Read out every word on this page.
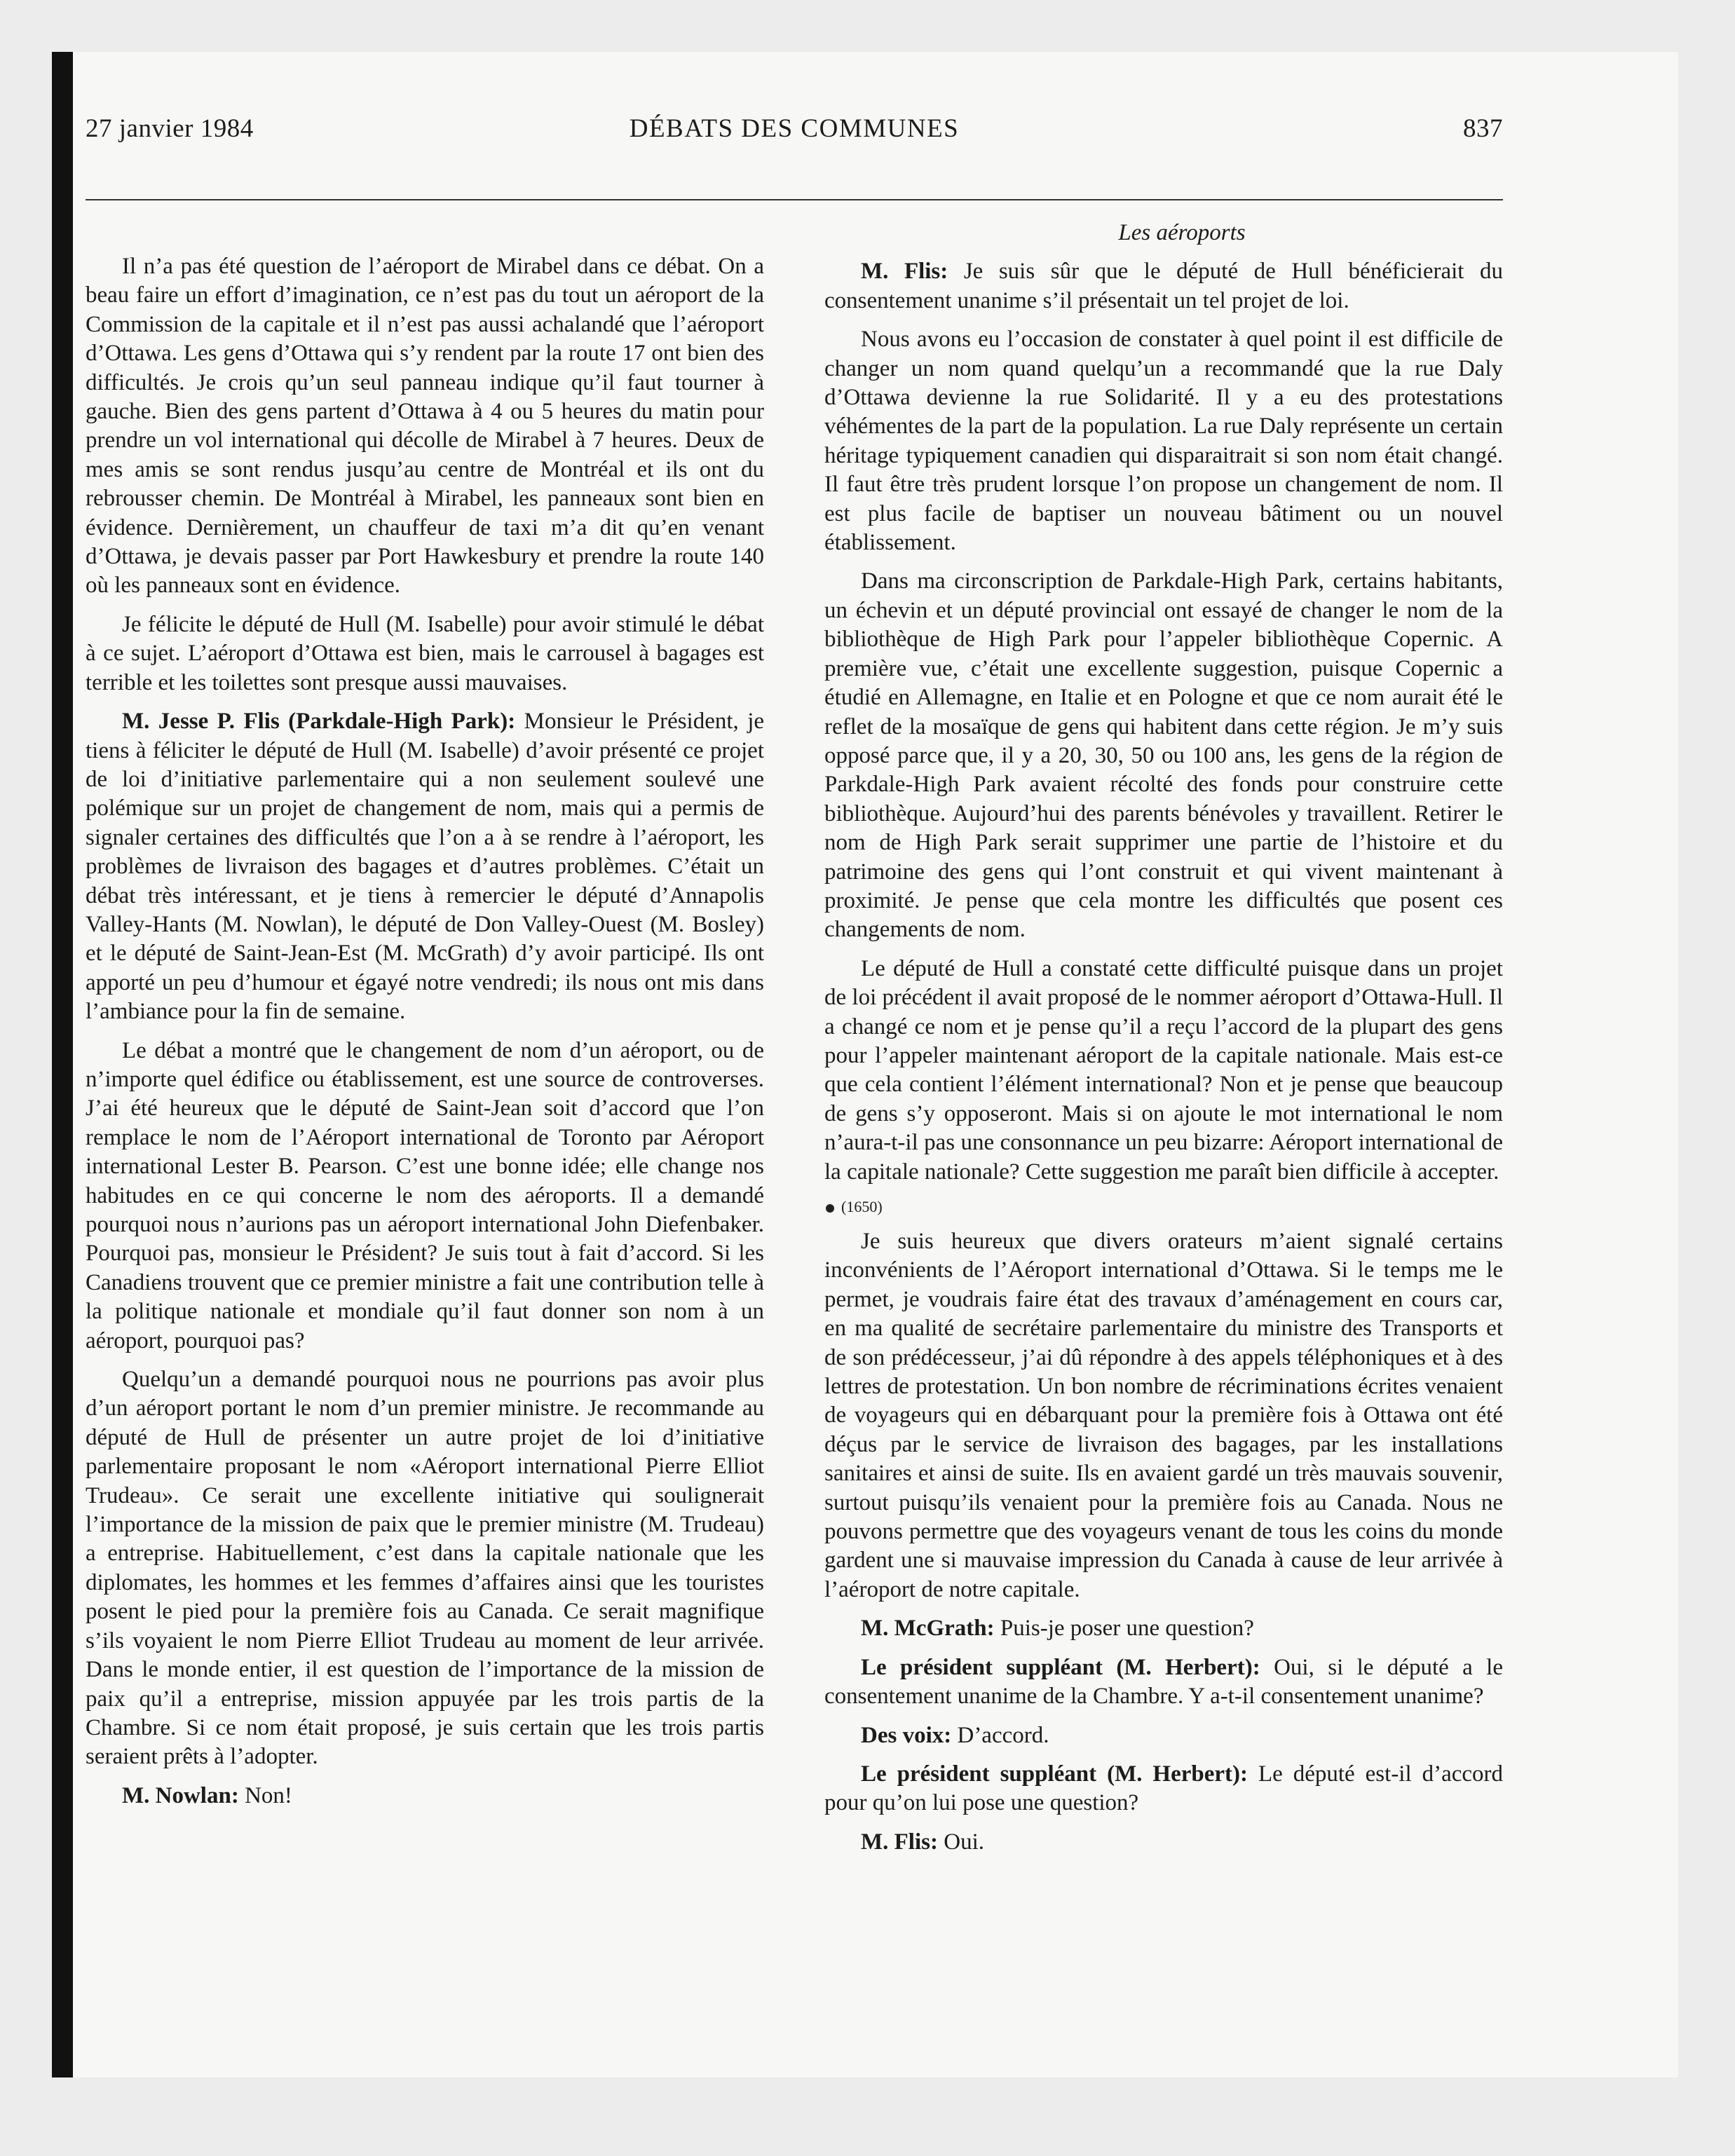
27 janvier 1984	DÉBATS DES COMMUNES	837

Il n’a pas été question de l’aéroport de Mirabel dans ce débat. On a beau faire un effort d’imagination, ce n’est pas du tout un aéroport de la Commission de la capitale et il n’est pas aussi achalandé que l’aéroport d’Ottawa. Les gens d’Ottawa qui s’y rendent par la route 17 ont bien des difficultés. Je crois qu’un seul panneau indique qu’il faut tourner à gauche. Bien des gens partent d’Ottawa à 4 ou 5 heures du matin pour prendre un vol international qui décolle de Mirabel à 7 heures. Deux de mes amis se sont rendus jusqu’au centre de Montréal et ils ont du rebrousser chemin. De Montréal à Mirabel, les panneaux sont bien en évidence. Dernièrement, un chauffeur de taxi m’a dit qu’en venant d’Ottawa, je devais passer par Port Hawkesbury et prendre la route 140 où les panneaux sont en évidence.

Je félicite le député de Hull (M. Isabelle) pour avoir stimulé le débat à ce sujet. L’aéroport d’Ottawa est bien, mais le carrousel à bagages est terrible et les toilettes sont presque aussi mauvaises.

M. Jesse P. Flis (Parkdale-High Park): Monsieur le Président, je tiens à féliciter le député de Hull (M. Isabelle) d’avoir présenté ce projet de loi d’initiative parlementaire qui a non seulement soulevé une polémique sur un projet de changement de nom, mais qui a permis de signaler certaines des difficultés que l’on a à se rendre à l’aéroport, les problèmes de livraison des bagages et d’autres problèmes. C’était un débat très intéressant, et je tiens à remercier le député d’Annapolis Valley-Hants (M. Nowlan), le député de Don Valley-Ouest (M. Bosley) et le député de Saint-Jean-Est (M. McGrath) d’y avoir participé. Ils ont apporté un peu d’humour et égayé notre vendredi; ils nous ont mis dans l’ambiance pour la fin de semaine.

Le débat a montré que le changement de nom d’un aéroport, ou de n’importe quel édifice ou établissement, est une source de controverses. J’ai été heureux que le député de Saint-Jean soit d’accord que l’on remplace le nom de l’Aéroport international de Toronto par Aéroport international Lester B. Pearson. C’est une bonne idée; elle change nos habitudes en ce qui concerne le nom des aéroports. Il a demandé pourquoi nous n’aurions pas un aéroport international John Diefenbaker. Pourquoi pas, monsieur le Président? Je suis tout à fait d’accord. Si les Canadiens trouvent que ce premier ministre a fait une contribution telle à la politique nationale et mondiale qu’il faut donner son nom à un aéroport, pourquoi pas?

Quelqu’un a demandé pourquoi nous ne pourrions pas avoir plus d’un aéroport portant le nom d’un premier ministre. Je recommande au député de Hull de présenter un autre projet de loi d’initiative parlementaire proposant le nom «Aéroport international Pierre Elliot Trudeau». Ce serait une excellente initiative qui soulignerait l’importance de la mission de paix que le premier ministre (M. Trudeau) a entreprise. Habituellement, c’est dans la capitale nationale que les diplomates, les hommes et les femmes d’affaires ainsi que les touristes posent le pied pour la première fois au Canada. Ce serait magnifique s’ils voyaient le nom Pierre Elliot Trudeau au moment de leur arrivée. Dans le monde entier, il est question de l’importance de la mission de paix qu’il a entreprise, mission appuyée par les trois partis de la Chambre. Si ce nom était proposé, je suis certain que les trois partis seraient prêts à l’adopter.

M. Nowlan: Non!

Les aéroports

M. Flis: Je suis sûr que le député de Hull bénéficierait du consentement unanime s’il présentait un tel projet de loi.

Nous avons eu l’occasion de constater à quel point il est difficile de changer un nom quand quelqu’un a recommandé que la rue Daly d’Ottawa devienne la rue Solidarité. Il y a eu des protestations véhémentes de la part de la population. La rue Daly représente un certain héritage typiquement canadien qui disparaitrait si son nom était changé. Il faut être très prudent lorsque l’on propose un changement de nom. Il est plus facile de baptiser un nouveau bâtiment ou un nouvel établissement.

Dans ma circonscription de Parkdale-High Park, certains habitants, un échevin et un député provincial ont essayé de changer le nom de la bibliothèque de High Park pour l’appeler bibliothèque Copernic. A première vue, c’était une excellente suggestion, puisque Copernic a étudié en Allemagne, en Italie et en Pologne et que ce nom aurait été le reflet de la mosaïque de gens qui habitent dans cette région. Je m’y suis opposé parce que, il y a 20, 30, 50 ou 100 ans, les gens de la région de Parkdale-High Park avaient récolté des fonds pour construire cette bibliothèque. Aujourd’hui des parents bénévoles y travaillent. Retirer le nom de High Park serait supprimer une partie de l’histoire et du patrimoine des gens qui l’ont construit et qui vivent maintenant à proximité. Je pense que cela montre les difficultés que posent ces changements de nom.

Le député de Hull a constaté cette difficulté puisque dans un projet de loi précédent il avait proposé de le nommer aéroport d’Ottawa-Hull. Il a changé ce nom et je pense qu’il a reçu l’accord de la plupart des gens pour l’appeler maintenant aéroport de la capitale nationale. Mais est-ce que cela contient l’élément international? Non et je pense que beaucoup de gens s’y opposeront. Mais si on ajoute le mot international le nom n’aura-t-il pas une consonnance un peu bizarre: Aéroport international de la capitale nationale? Cette suggestion me paraît bien difficile à accepter.

(1650)

Je suis heureux que divers orateurs m’aient signalé certains inconvénients de l’Aéroport international d’Ottawa. Si le temps me le permet, je voudrais faire état des travaux d’aménagement en cours car, en ma qualité de secrétaire parlementaire du ministre des Transports et de son prédécesseur, j’ai dû répondre à des appels téléphoniques et à des lettres de protestation. Un bon nombre de récriminations écrites venaient de voyageurs qui en débarquant pour la première fois à Ottawa ont été déçus par le service de livraison des bagages, par les installations sanitaires et ainsi de suite. Ils en avaient gardé un très mauvais souvenir, surtout puisqu’ils venaient pour la première fois au Canada. Nous ne pouvons permettre que des voyageurs venant de tous les coins du monde gardent une si mauvaise impression du Canada à cause de leur arrivée à l’aéroport de notre capitale.

M. McGrath: Puis-je poser une question?

Le président suppléant (M. Herbert): Oui, si le député a le consentement unanime de la Chambre. Y a-t-il consentement unanime?

Des voix: D’accord.

Le président suppléant (M. Herbert): Le député est-il d’accord pour qu’on lui pose une question?

M. Flis: Oui.
